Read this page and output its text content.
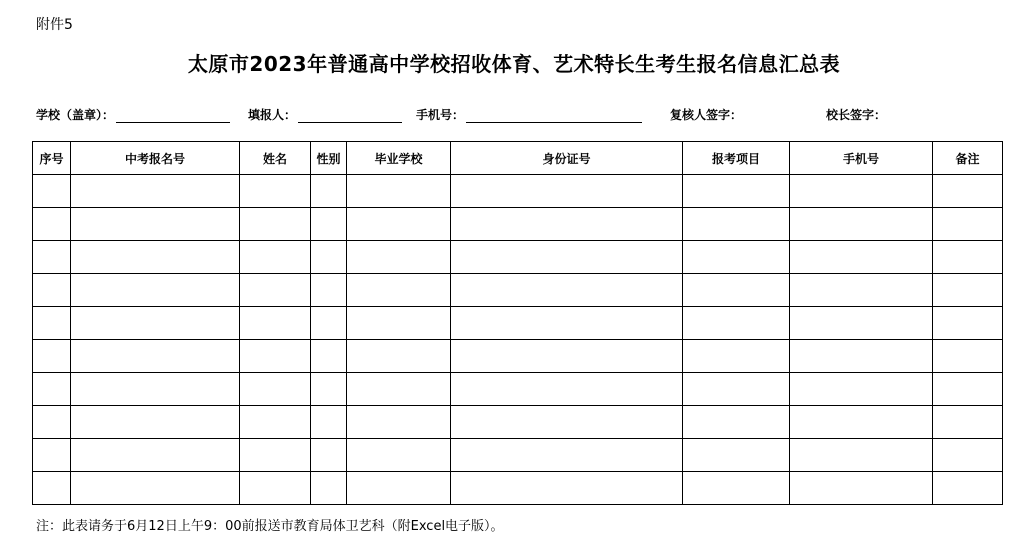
附件5
太原市2023年普通高中学校招收体育、艺术特长生考生报名信息汇总表
学校（盖章）：	填报人：	手机号：	复核人签字：	校长签字：
序号	中考报名号	姓名	性别	毕业学校	身份证号	报考项目	手机号	备注

注：此表请务于6月12日上午9：00前报送市教育局体卫艺科（附Excel电子版）。
